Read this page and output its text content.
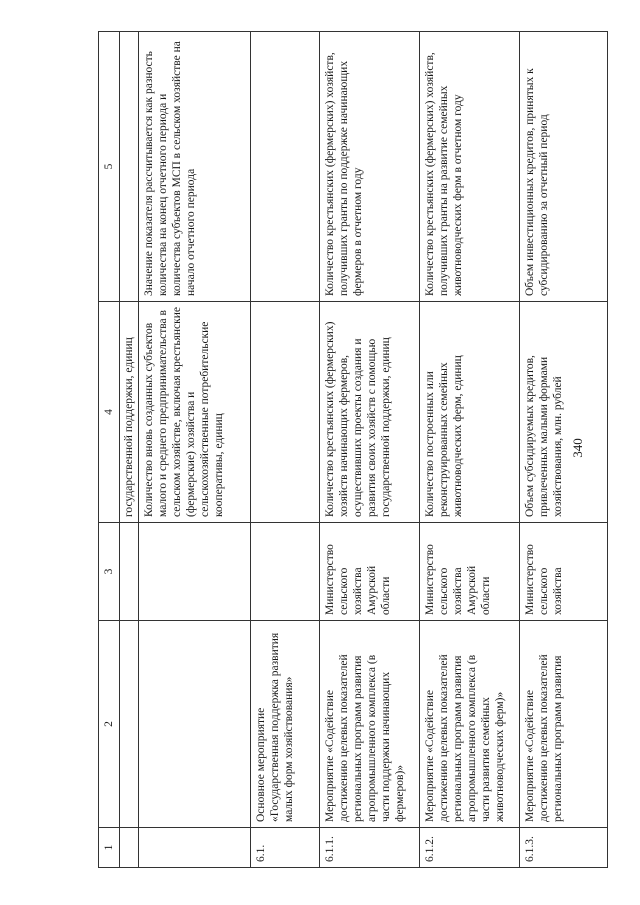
340
1	2	3	4	5
			государственной поддержки, единиц	
			Количество вновь созданных субъектов малого и среднего предпринимательства в сельском хозяйстве, включая крестьянские (фермерские) хозяйства и сельскохозяйственные потребительские кооперативы, единиц	Значение показателя рассчитывается как разность количества на конец отчетного периода и количества субъектов МСП в сельском хозяйстве на начало отчетного периода
6.1.	Основное мероприятие «Государственная поддержка развития малых форм хозяйствования»			
6.1.1.	Мероприятие «Содействие достижению целевых показателей региональных программ развития агропромышленного комплекса (в части поддержки начинающих фермеров)»	Министерство сельского хозяйства Амурской области	Количество крестьянских (фермерских) хозяйств начинающих фермеров, осуществивших проекты создания и развития своих хозяйств с помощью государственной поддержки, единиц	Количество крестьянских (фермерских) хозяйств, получивших гранты по поддержке начинающих фермеров в отчетном году
6.1.2.	Мероприятие «Содействие достижению целевых показателей региональных программ развития агропромышленного комплекса (в части развития семейных животноводческих ферм)»	Министерство сельского хозяйства Амурской области	Количество построенных или реконструированных семейных животноводческих ферм, единиц	Количество крестьянских (фермерских) хозяйств, получивших гранты на развитие семейных животноводческих ферм в отчетном году
6.1.3.	Мероприятие «Содействие достижению целевых показателей региональных программ развития	Министерство сельского хозяйства	Объем субсидируемых кредитов, привлеченных малыми формами хозяйствования, млн. рублей	Объем инвестиционных кредитов, принятых к субсидированию за отчетный период
